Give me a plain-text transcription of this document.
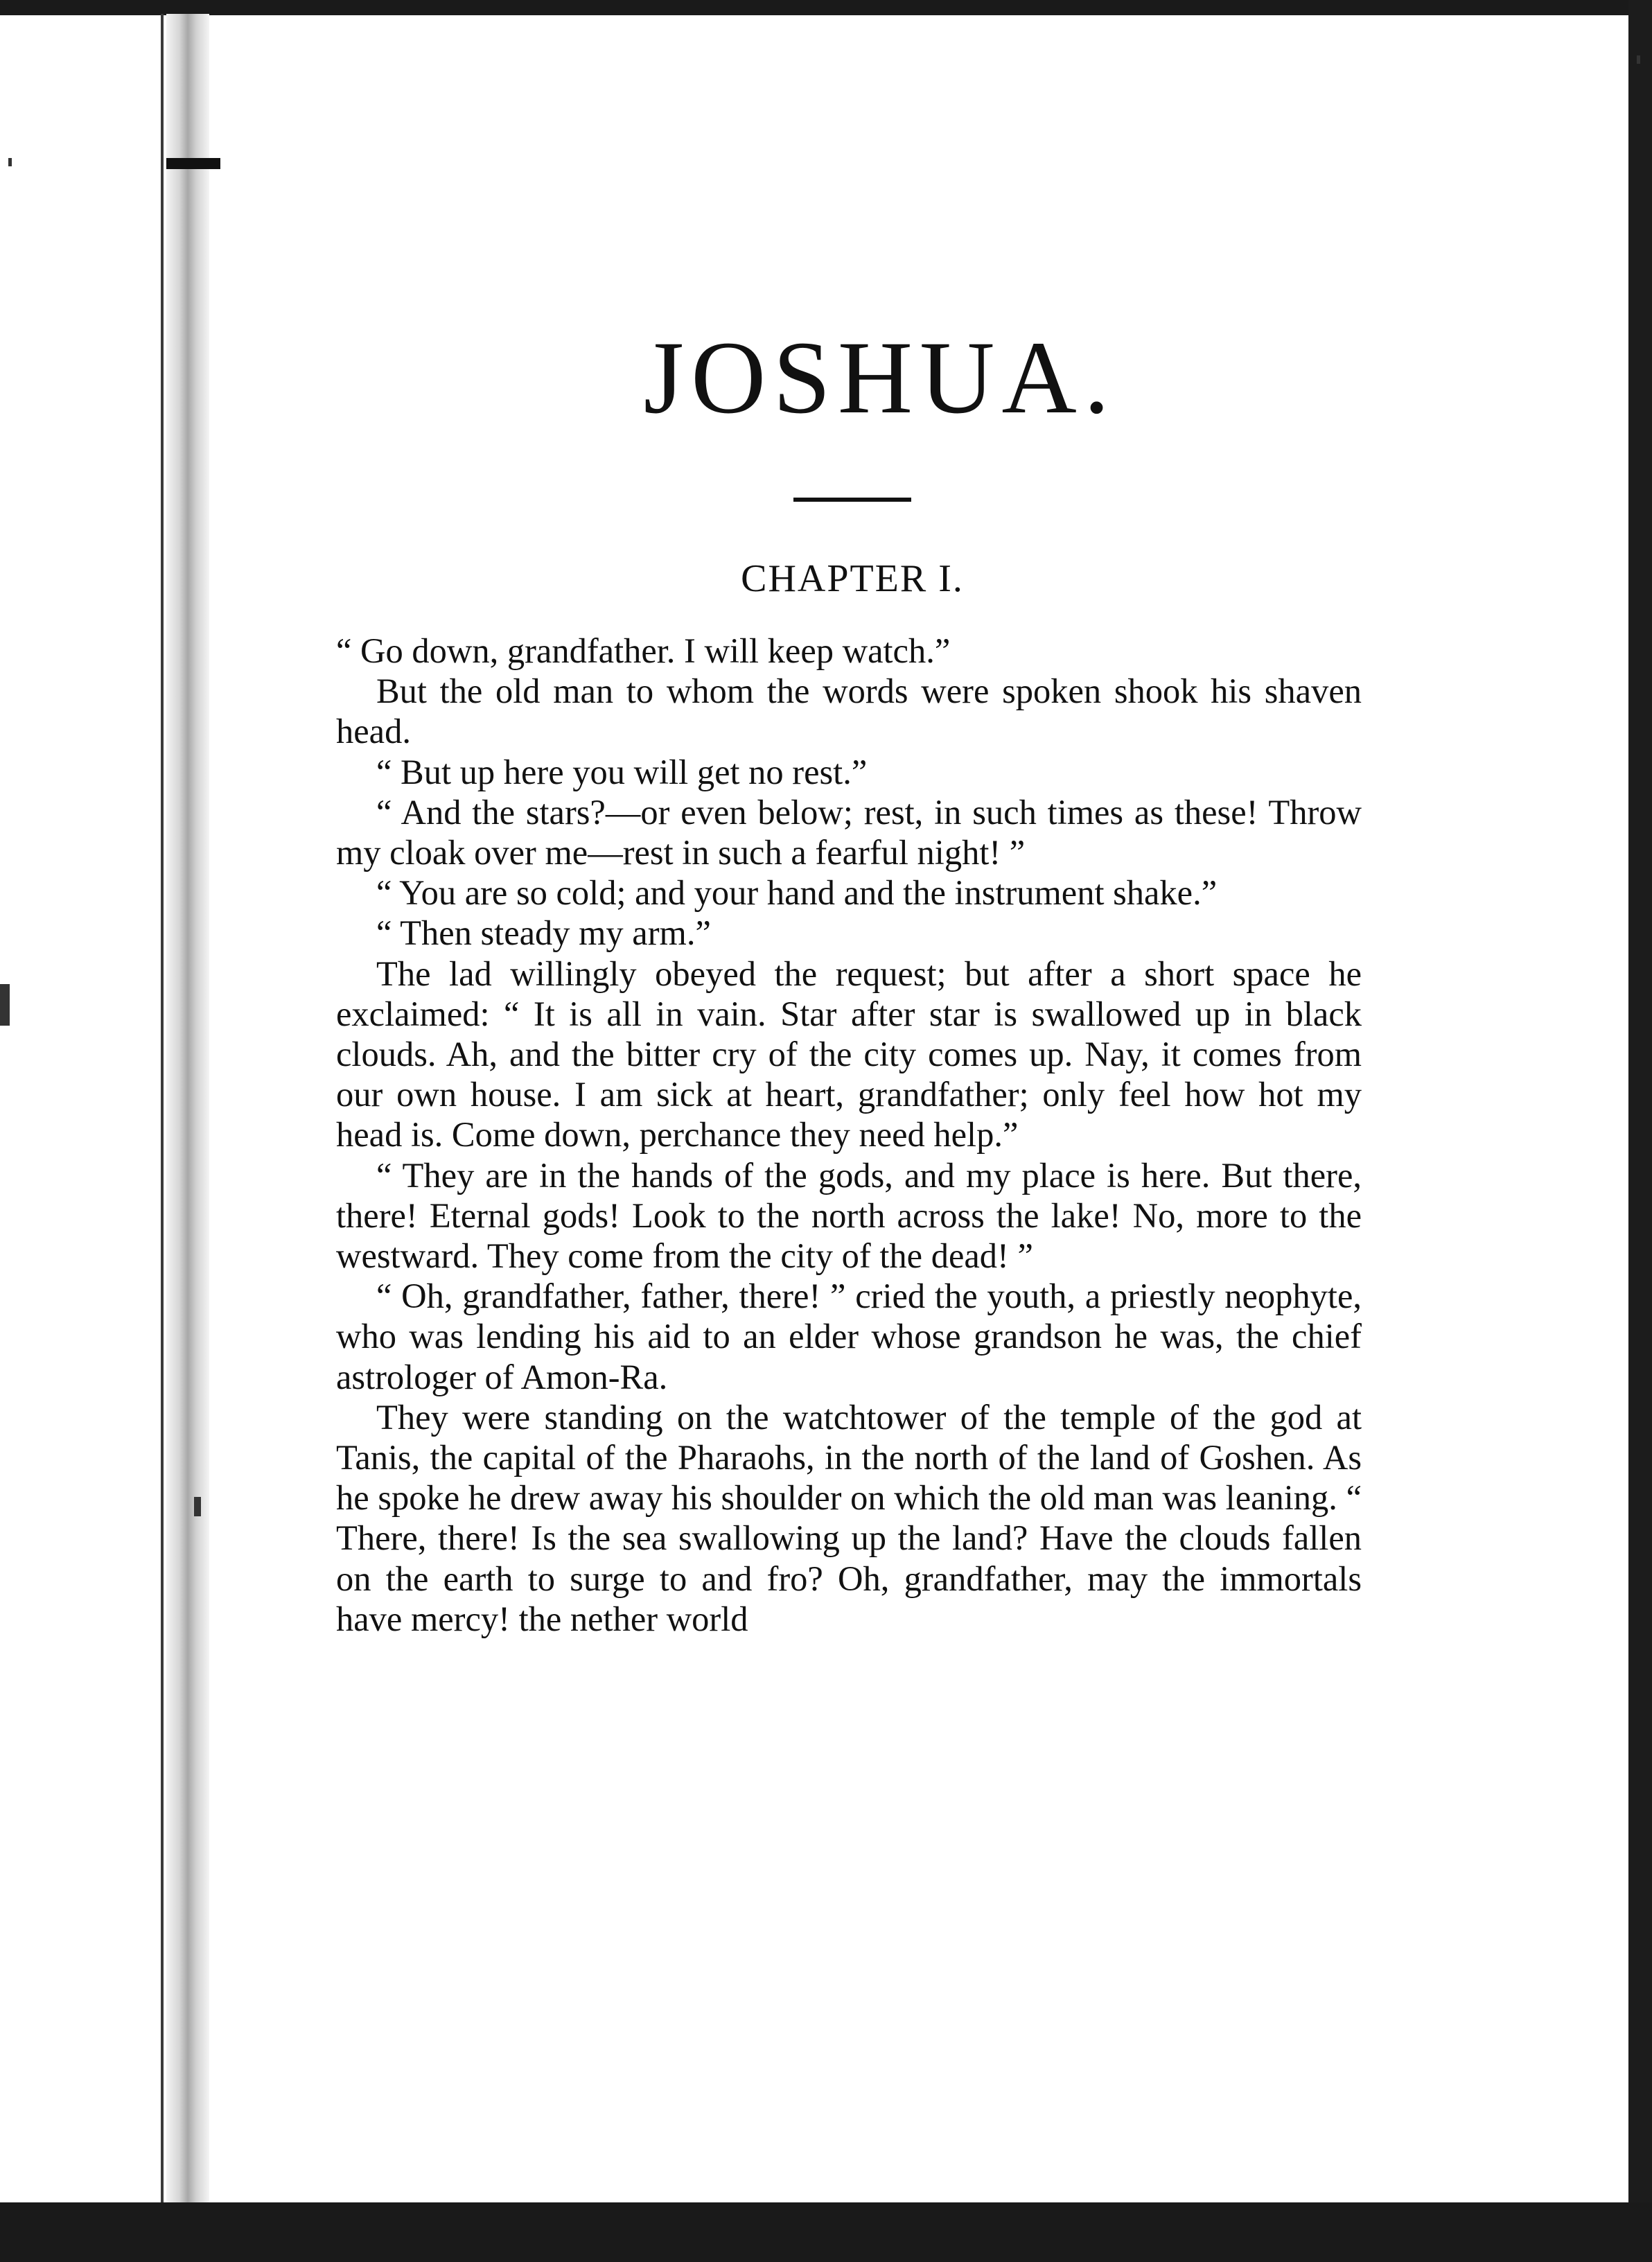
JOSHUA.
CHAPTER I.

“ Go down, grandfather. I will keep watch.”

But the old man to whom the words were spoken shook his shaven head.

“ But up here you will get no rest.”

“ And the stars?—or even below; rest, in such times as these! Throw my cloak over me—rest in such a fearful night! ”

“ You are so cold; and your hand and the instrument shake.”

“ Then steady my arm.”

The lad willingly obeyed the request; but after a short space he exclaimed: “ It is all in vain. Star after star is swallowed up in black clouds. Ah, and the bitter cry of the city comes up. Nay, it comes from our own house. I am sick at heart, grandfather; only feel how hot my head is. Come down, perchance they need help.”

“ They are in the hands of the gods, and my place is here. But there, there! Eternal gods! Look to the north across the lake! No, more to the westward. They come from the city of the dead! ”

“ Oh, grandfather, father, there! ” cried the youth, a priestly neophyte, who was lending his aid to an elder whose grandson he was, the chief astrologer of Amon-Ra.

They were standing on the watchtower of the temple of the god at Tanis, the capital of the Pharaohs, in the north of the land of Goshen. As he spoke he drew away his shoulder on which the old man was leaning. “ There, there! Is the sea swallowing up the land? Have the clouds fallen on the earth to surge to and fro? Oh, grandfather, may the immortals have mercy! the nether world
